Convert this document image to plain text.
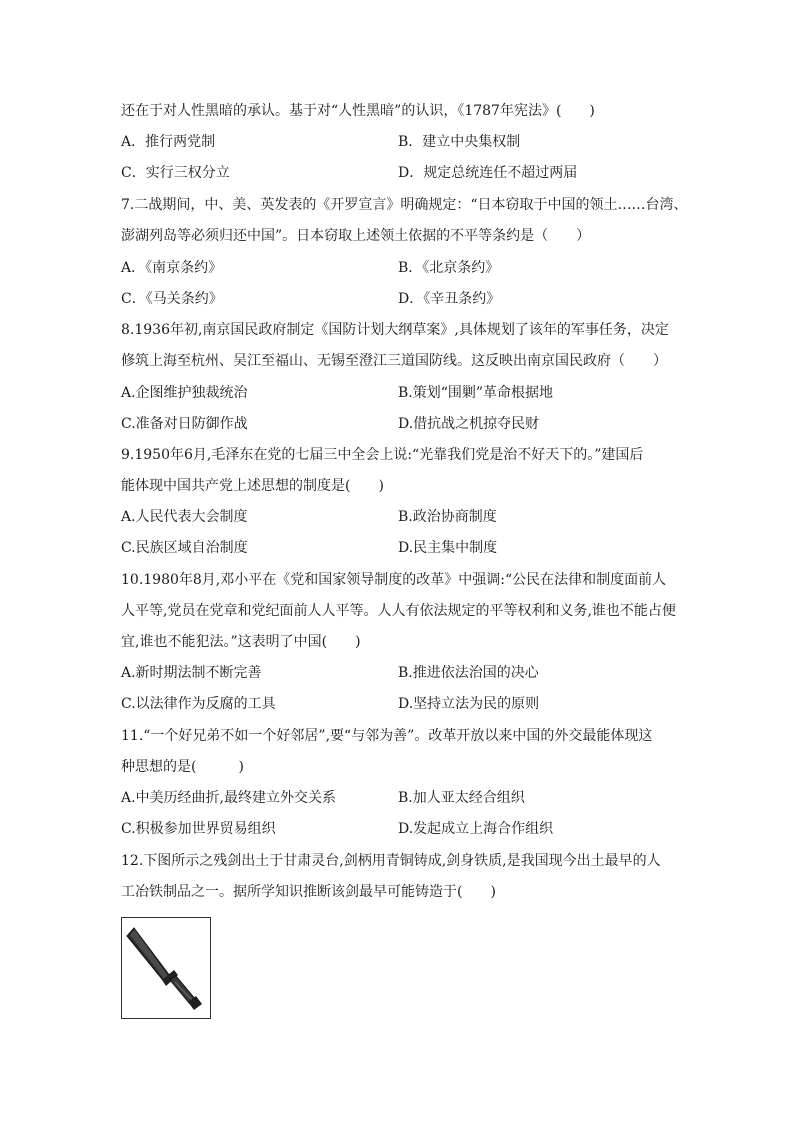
还在于对人性黑暗的承认。基于对“人性黑暗”的认识，《1787年宪法》(　　)
A．推行两党制	B．建立中央集权制
C．实行三权分立	D．规定总统连任不超过两届
7.二战期间，中、美、英发表的《开罗宣言》明确规定：“日本窃取于中国的领土……台湾、
澎湖列岛等必须归还中国”。日本窃取上述领土依据的不平等条约是（　　）
A．《南京条约》	B．《北京条约》
C．《马关条约》	D．《辛丑条约》
8.1936年初,南京国民政府制定《国防计划大纲草案》,具体规划了该年的军事任务，决定
修筑上海至杭州、吴江至福山、无锡至澄江三道国防线。这反映出南京国民政府（　　）
A.企图维护独裁统治	B.策划“围剿”革命根据地
C.准备对日防御作战	D.借抗战之机掠夺民财
9.1950年6月,毛泽东在党的七届三中全会上说:“光靠我们党是治不好天下的。”建国后
能体现中国共产党上述思想的制度是(　　)
A.人民代表大会制度	B.政治协商制度
C.民族区域自治制度	D.民主集中制度
10.1980年8月,邓小平在《党和国家领导制度的改革》中强调:“公民在法律和制度面前人
人平等,党员在党章和党纪面前人人平等。人人有依法规定的平等权利和义务,谁也不能占便
宜,谁也不能犯法。”这表明了中国(　　)
A.新时期法制不断完善	B.推进依法治国的决心
C.以法律作为反腐的工具	D.坚持立法为民的原则
11.“一个好兄弟不如一个好邻居”,要“与邻为善”。改革开放以来中国的外交最能体现这
种思想的是(　　　)
A.中美历经曲折,最终建立外交关系	B.加人亚太经合组织
C.积极参加世界贸易组织	D.发起成立上海合作组织
12.下图所示之残剑出土于甘肃灵台,剑柄用青铜铸成,剑身铁质,是我国现今出土最早的人
工冶铁制品之一。据所学知识推断该剑最早可能铸造于(　　)
